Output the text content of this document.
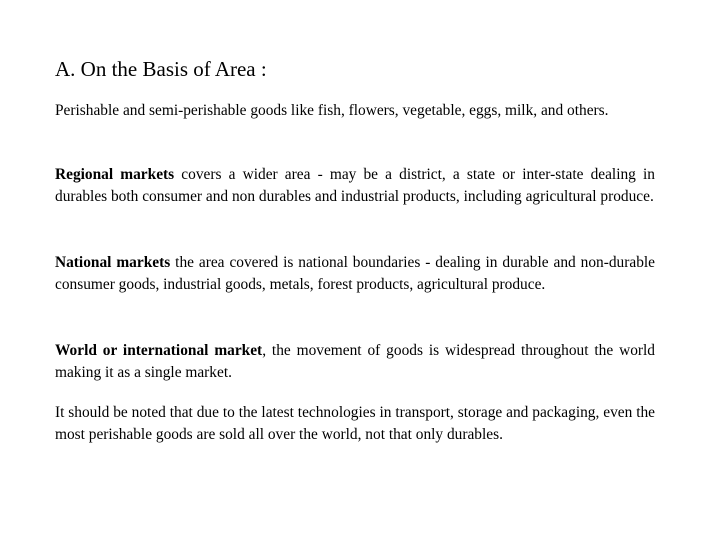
A. On the Basis of Area :

Perishable and semi-perishable goods like fish, flowers, vegetable, eggs, milk, and others.

Regional markets covers a wider area - may be a district, a state or inter-state dealing in durables both consumer and non durables and industrial products, including agricultural produce.

National markets the area covered is national boundaries - dealing in durable and non-durable consumer goods, industrial goods, metals, forest products, agricultural produce.

World or international market, the movement of goods is widespread throughout the world making it as a single market.

It should be noted that due to the latest technologies in transport, storage and packaging, even the most perishable goods are sold all over the world, not that only durables.
